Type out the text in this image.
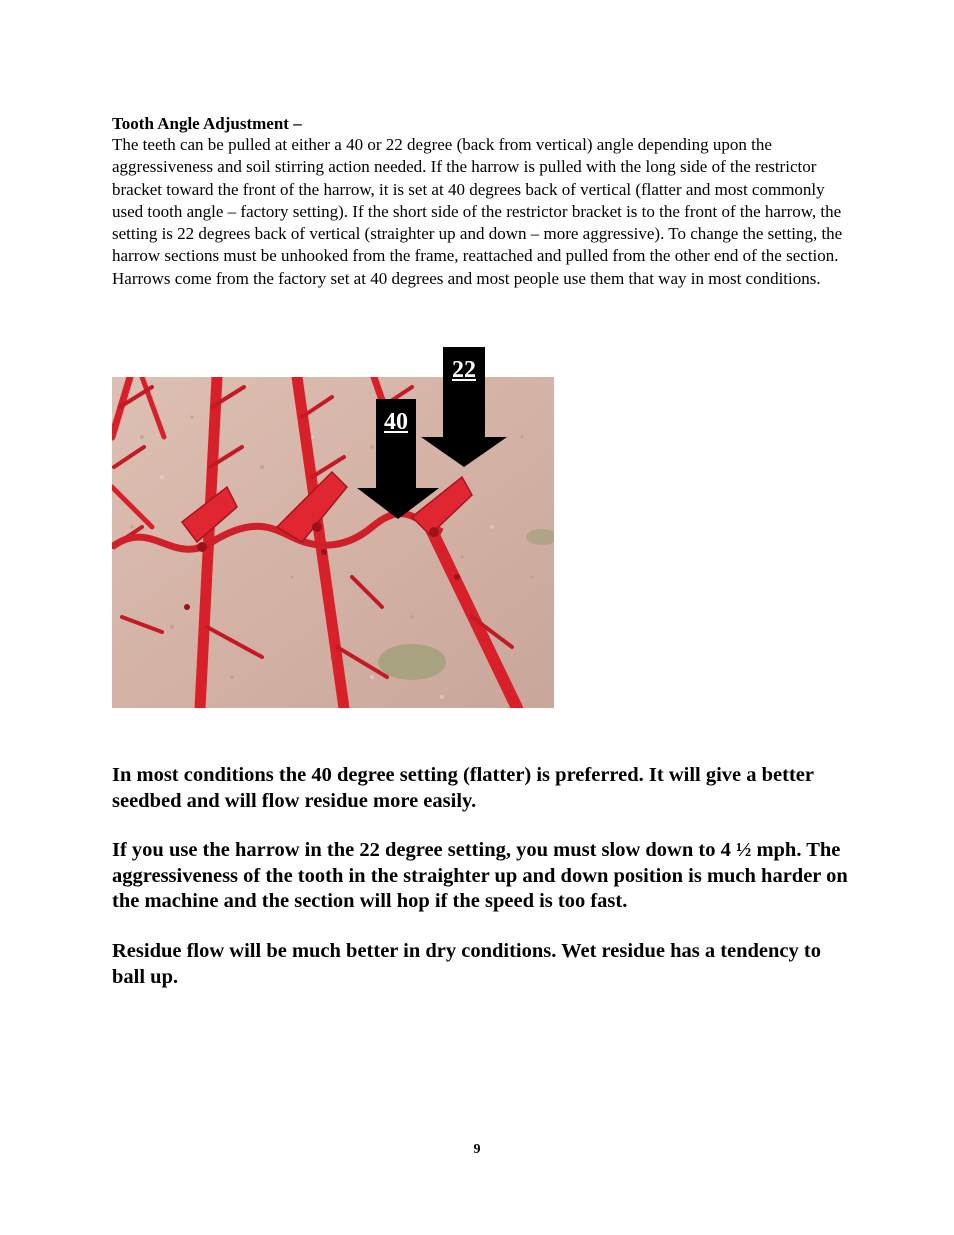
Tooth Angle Adjustment –
The teeth can be pulled at either a 40 or 22 degree (back from vertical) angle depending upon the aggressiveness and soil stirring action needed. If the harrow is pulled with the long side of the restrictor bracket toward the front of the harrow, it is set at 40 degrees back of vertical (flatter and most commonly used tooth angle – factory setting). If the short side of the restrictor bracket is to the front of the harrow, the setting is 22 degrees back of vertical (straighter up and down – more aggressive). To change the setting, the harrow sections must be unhooked from the frame, reattached and pulled from the other end of the section. Harrows come from the factory set at 40 degrees and most people use them that way in most conditions.
40
22
In most conditions the 40 degree setting (flatter) is preferred. It will give a better seedbed and will flow residue more easily.
If you use the harrow in the 22 degree setting, you must slow down to 4 ½ mph. The aggressiveness of the tooth in the straighter up and down position is much harder on the machine and the section will hop if the speed is too fast.
Residue flow will be much better in dry conditions. Wet residue has a tendency to ball up.
9
